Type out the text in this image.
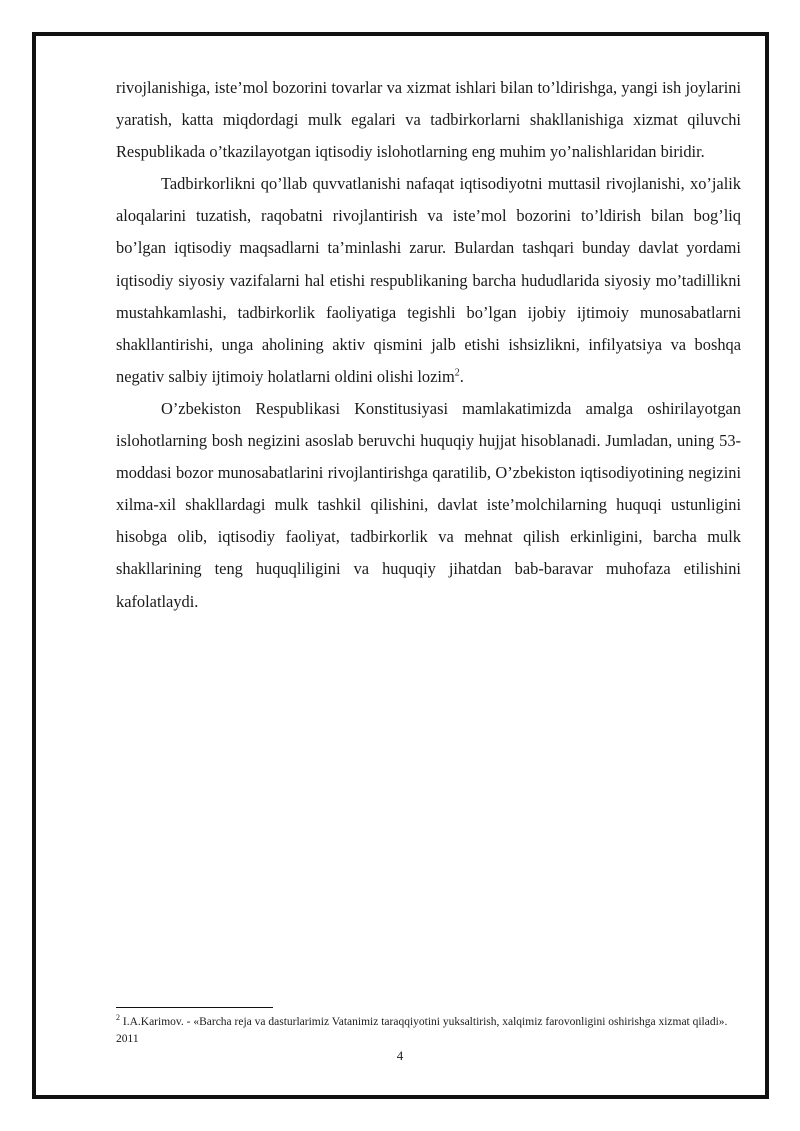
rivojlanishiga, iste’mol bozorini tovarlar va xizmat ishlari bilan to’ldirishga, yangi ish joylarini yaratish, katta miqdordagi mulk egalari va tadbirkorlarni shakllanishiga xizmat qiluvchi Respublikada o’tkazilayotgan iqtisodiy islohotlarning eng muhim yo’nalishlaridan biridir.

Tadbirkorlikni qo’llab quvvatlanishi nafaqat iqtisodiyotni muttasil rivojlanishi, xo’jalik aloqalarini tuzatish, raqobatni rivojlantirish va iste’mol bozorini to’ldirish bilan bog’liq bo’lgan iqtisodiy maqsadlarni ta’minlashi zarur. Bulardan tashqari bunday davlat yordami iqtisodiy siyosiy vazifalarni hal etishi respublikaning barcha hududlarida siyosiy mo’tadillikni mustahkamlashi, tadbirkorlik faoliyatiga tegishli bo’lgan ijobiy ijtimoiy munosabatlarni shakllantirishi, unga aholining aktiv qismini jalb etishi ishsizlikni, infilyatsiya va boshqa negativ salbiy ijtimoiy holatlarni oldini olishi lozim$^2$.

O’zbekiston Respublikasi Konstitusiyasi mamlakatimizda amalga oshirilayotgan islohotlarning bosh negizini asoslab beruvchi huquqiy hujjat hisoblanadi. Jumladan, uning 53-moddasi bozor munosabatlarini rivojlantirishga qaratilib, O’zbekiston iqtisodiyotining negizini xilma-xil shakllardagi mulk tashkil qilishini, davlat iste’molchilarning huquqi ustunligini hisobga olib, iqtisodiy faoliyat, tadbirkorlik va mehnat qilish erkinligini, barcha mulk shakllarining teng huquqliligini va huquqiy jihatdan bab-baravar muhofaza etilishini kafolatlaydi.

$^2$ I.A.Karimov. - «Barcha reja va dasturlarimiz Vatanimiz taraqqiyotini yuksaltirish, xalqimiz farovonligini oshirishga xizmat qiladi». 2011

4
